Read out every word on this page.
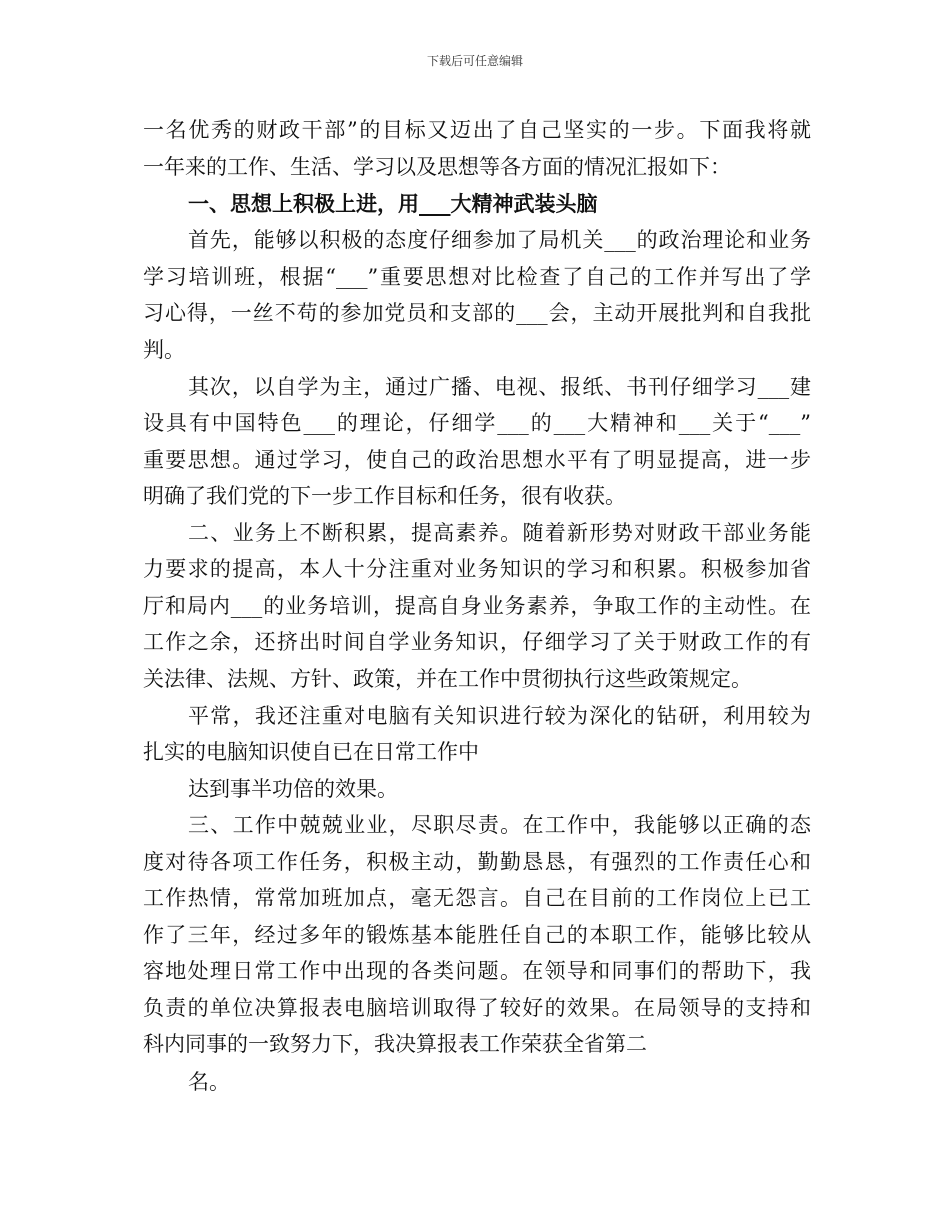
下载后可任意编辑
一名优秀的财政干部”的目标又迈出了自己坚实的一步。下面我将就
一年来的工作、生活、学习以及思想等各方面的情况汇报如下：
一、思想上积极上进，用___大精神武装头脑
首先，能够以积极的态度仔细参加了局机关___的政治理论和业务
学习培训班，根据“___”重要思想对比检查了自己的工作并写出了学
习心得，一丝不苟的参加党员和支部的___会，主动开展批判和自我批
判。
其次，以自学为主，通过广播、电视、报纸、书刊仔细学习___建
设具有中国特色___的理论，仔细学___的___大精神和___关于“___”
重要思想。通过学习，使自己的政治思想水平有了明显提高，进一步
明确了我们党的下一步工作目标和任务，很有收获。
二、业务上不断积累，提高素养。随着新形势对财政干部业务能
力要求的提高，本人十分注重对业务知识的学习和积累。积极参加省
厅和局内___的业务培训，提高自身业务素养，争取工作的主动性。在
工作之余，还挤出时间自学业务知识，仔细学习了关于财政工作的有
关法律、法规、方针、政策，并在工作中贯彻执行这些政策规定。
平常，我还注重对电脑有关知识进行较为深化的钻研，利用较为
扎实的电脑知识使自已在日常工作中
达到事半功倍的效果。
三、工作中兢兢业业，尽职尽责。在工作中，我能够以正确的态
度对待各项工作任务，积极主动，勤勤恳恳，有强烈的工作责任心和
工作热情，常常加班加点，毫无怨言。自己在目前的工作岗位上已工
作了三年，经过多年的锻炼基本能胜任自己的本职工作，能够比较从
容地处理日常工作中出现的各类问题。在领导和同事们的帮助下，我
负责的单位决算报表电脑培训取得了较好的效果。在局领导的支持和
科内同事的一致努力下，我决算报表工作荣获全省第二
名。
